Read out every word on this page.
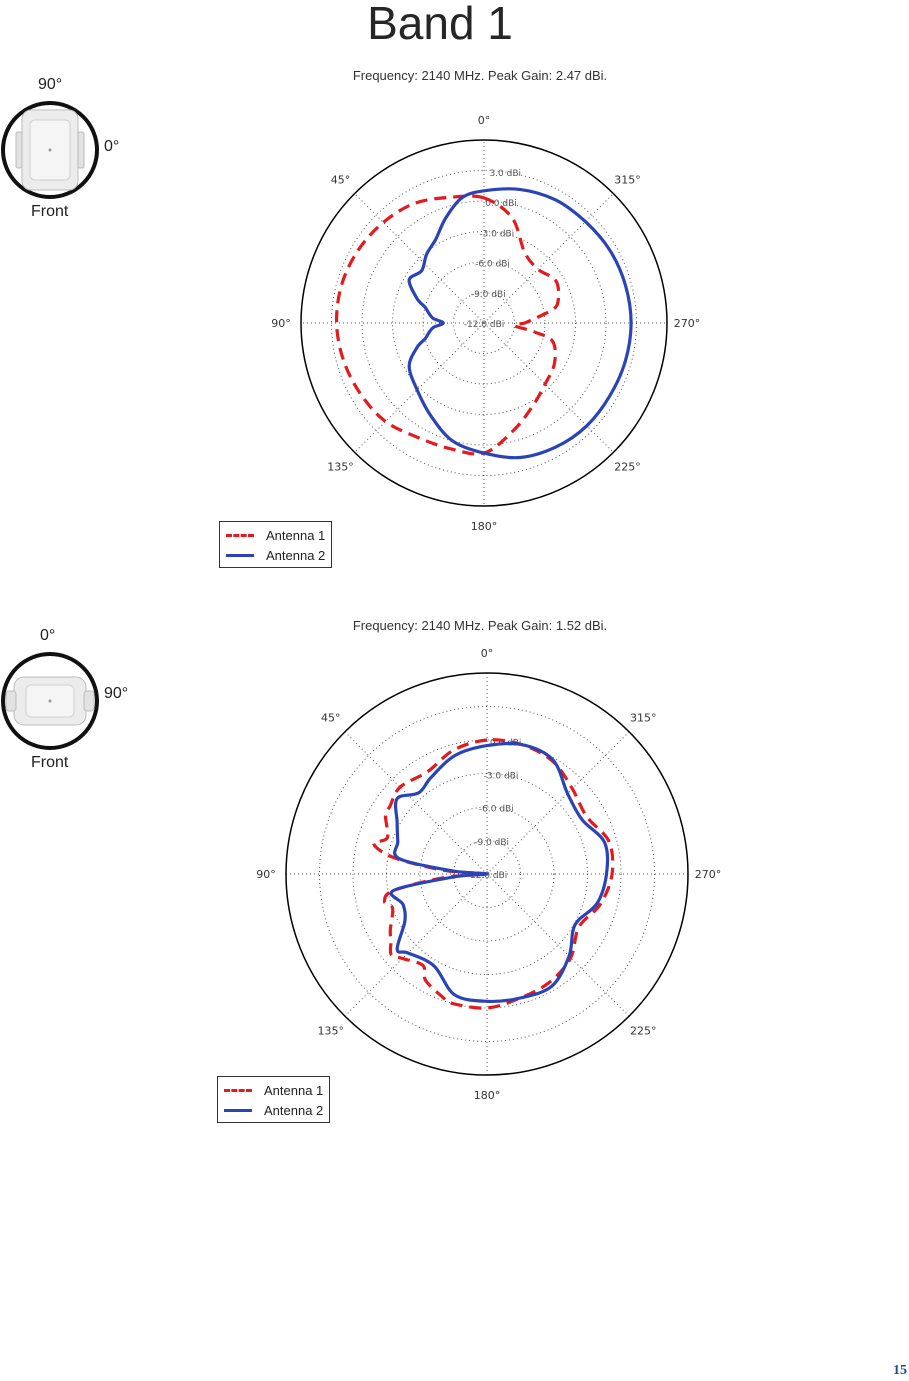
Band 1
90°
0°
Front
0°
90°
Front
Frequency: 2140 MHz. Peak Gain: 2.47 dBi.
-12.0 dBi
-9.0 dBi
-6.0 dBi
-3.0 dBi
0.0 dBi
3.0 dBi
0°
45°
90°
135°
180°
225°
270°
315°
Antenna 1
Antenna 2
Frequency: 2140 MHz. Peak Gain: 1.52 dBi.
-12.0 dBi
-9.0 dBi
-6.0 dBi
-3.0 dBi
0.0 dBi
0°
45°
90°
135°
180°
225°
270°
315°
Antenna 1
Antenna 2
15
